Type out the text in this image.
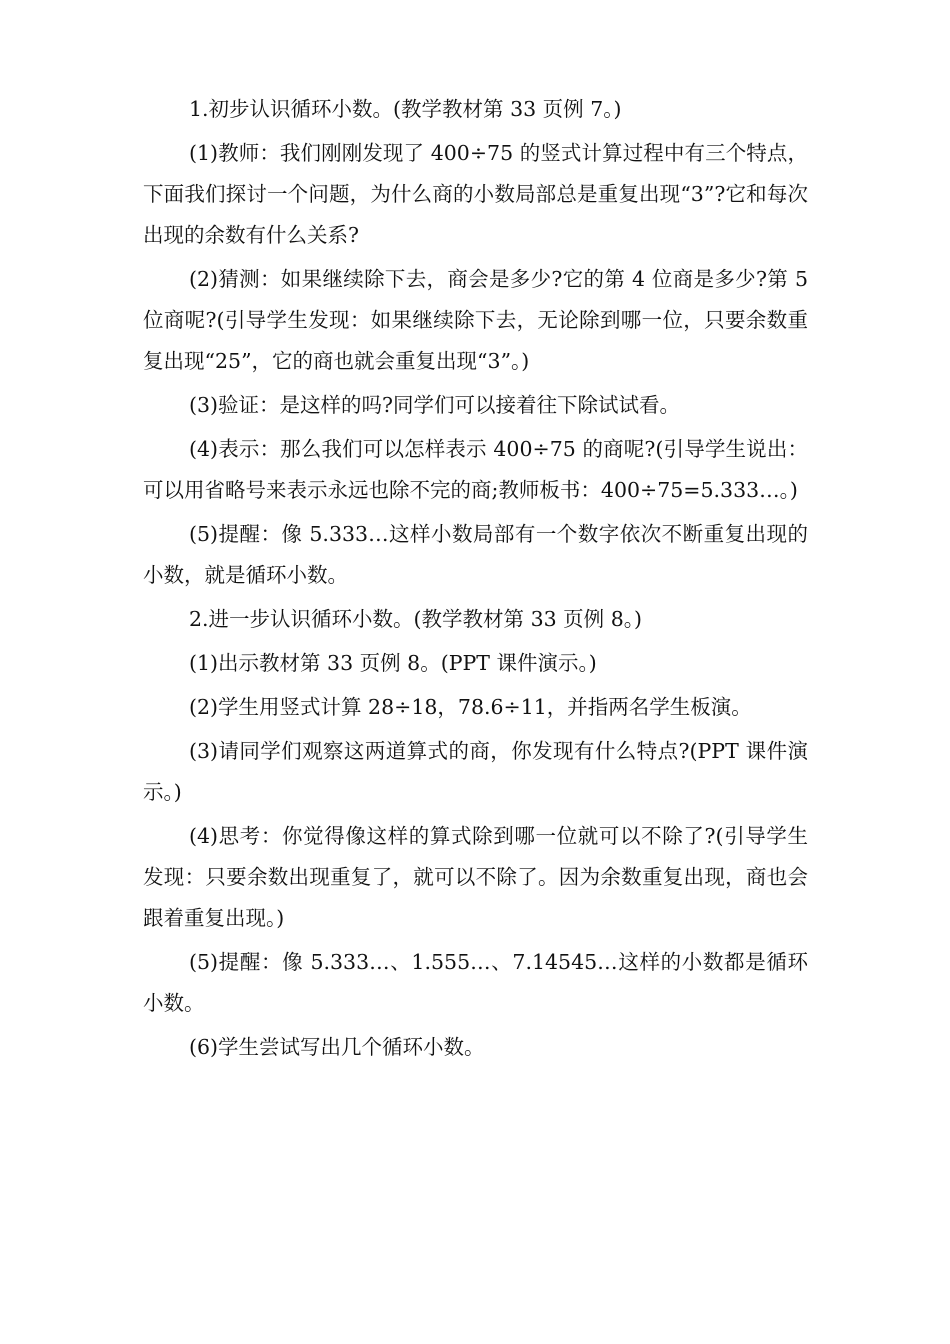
1.初步认识循环小数。(教学教材第 33 页例 7。)

(1)教师：我们刚刚发现了 400÷75 的竖式计算过程中有三个特点，下面我们探讨一个问题，为什么商的小数局部总是重复出现“3”?它和每次出现的余数有什么关系?

(2)猜测：如果继续除下去，商会是多少?它的第 4 位商是多少?第 5 位商呢?(引导学生发现：如果继续除下去，无论除到哪一位，只要余数重复出现“25”，它的商也就会重复出现“3”。)

(3)验证：是这样的吗?同学们可以接着往下除试试看。

(4)表示：那么我们可以怎样表示 400÷75 的商呢?(引导学生说出：可以用省略号来表示永远也除不完的商;教师板书：400÷75=5.333…。)

(5)提醒：像 5.333…这样小数局部有一个数字依次不断重复出现的小数，就是循环小数。

2.进一步认识循环小数。(教学教材第 33 页例 8。)

(1)出示教材第 33 页例 8。(PPT 课件演示。)

(2)学生用竖式计算 28÷18，78.6÷11，并指两名学生板演。

(3)请同学们观察这两道算式的商，你发现有什么特点?(PPT 课件演示。)

(4)思考：你觉得像这样的算式除到哪一位就可以不除了?(引导学生发现：只要余数出现重复了，就可以不除了。因为余数重复出现，商也会跟着重复出现。)

(5)提醒：像 5.333…、1.555…、7.14545…这样的小数都是循环小数。

(6)学生尝试写出几个循环小数。
